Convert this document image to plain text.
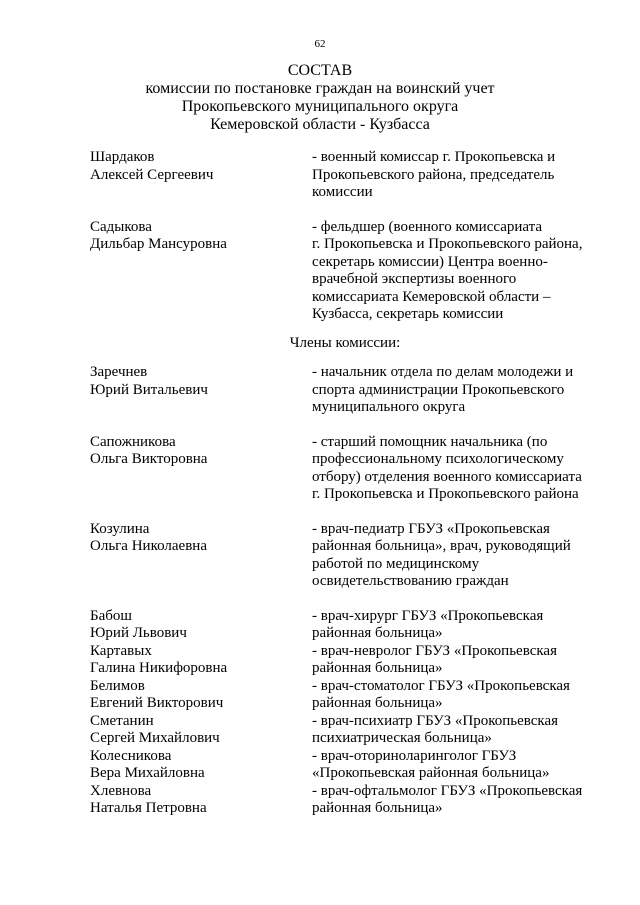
62
СОСТАВ
комиссии по постановке граждан на воинский учет
Прокопьевского муниципального округа
Кемеровской области - Кузбасса
Шардаков
Алексей Сергеевич
- военный комиссар г. Прокопьевска и
Прокопьевского района, председатель
комиссии
Садыкова
Дильбар Мансуровна
- фельдшер (военного комиссариата
г. Прокопьевска и Прокопьевского района,
секретарь комиссии) Центра военно-
врачебной экспертизы военного
комиссариата Кемеровской области –
Кузбасса, секретарь комиссии
Члены комиссии:
Заречнев
Юрий Витальевич
- начальник отдела по делам молодежи и
спорта администрации Прокопьевского
муниципального округа
Сапожникова
Ольга Викторовна
- старший помощник начальника (по
профессиональному психологическому
отбору) отделения военного комиссариата
г. Прокопьевска и Прокопьевского района
Козулина
Ольга Николаевна
- врач-педиатр ГБУЗ «Прокопьевская
районная больница», врач, руководящий
работой по медицинскому
освидетельствованию граждан
Бабош
Юрий Львович
- врач-хирург ГБУЗ «Прокопьевская
районная больница»
Картавых
Галина Никифоровна
- врач-невролог ГБУЗ «Прокопьевская
районная больница»
Белимов
Евгений Викторович
- врач-стоматолог ГБУЗ «Прокопьевская
районная больница»
Сметанин
Сергей Михайлович
- врач-психиатр ГБУЗ «Прокопьевская
психиатрическая больница»
Колесникова
Вера Михайловна
- врач-оториноларинголог ГБУЗ
«Прокопьевская районная больница»
Хлевнова
Наталья Петровна
- врач-офтальмолог ГБУЗ «Прокопьевская
районная больница»
